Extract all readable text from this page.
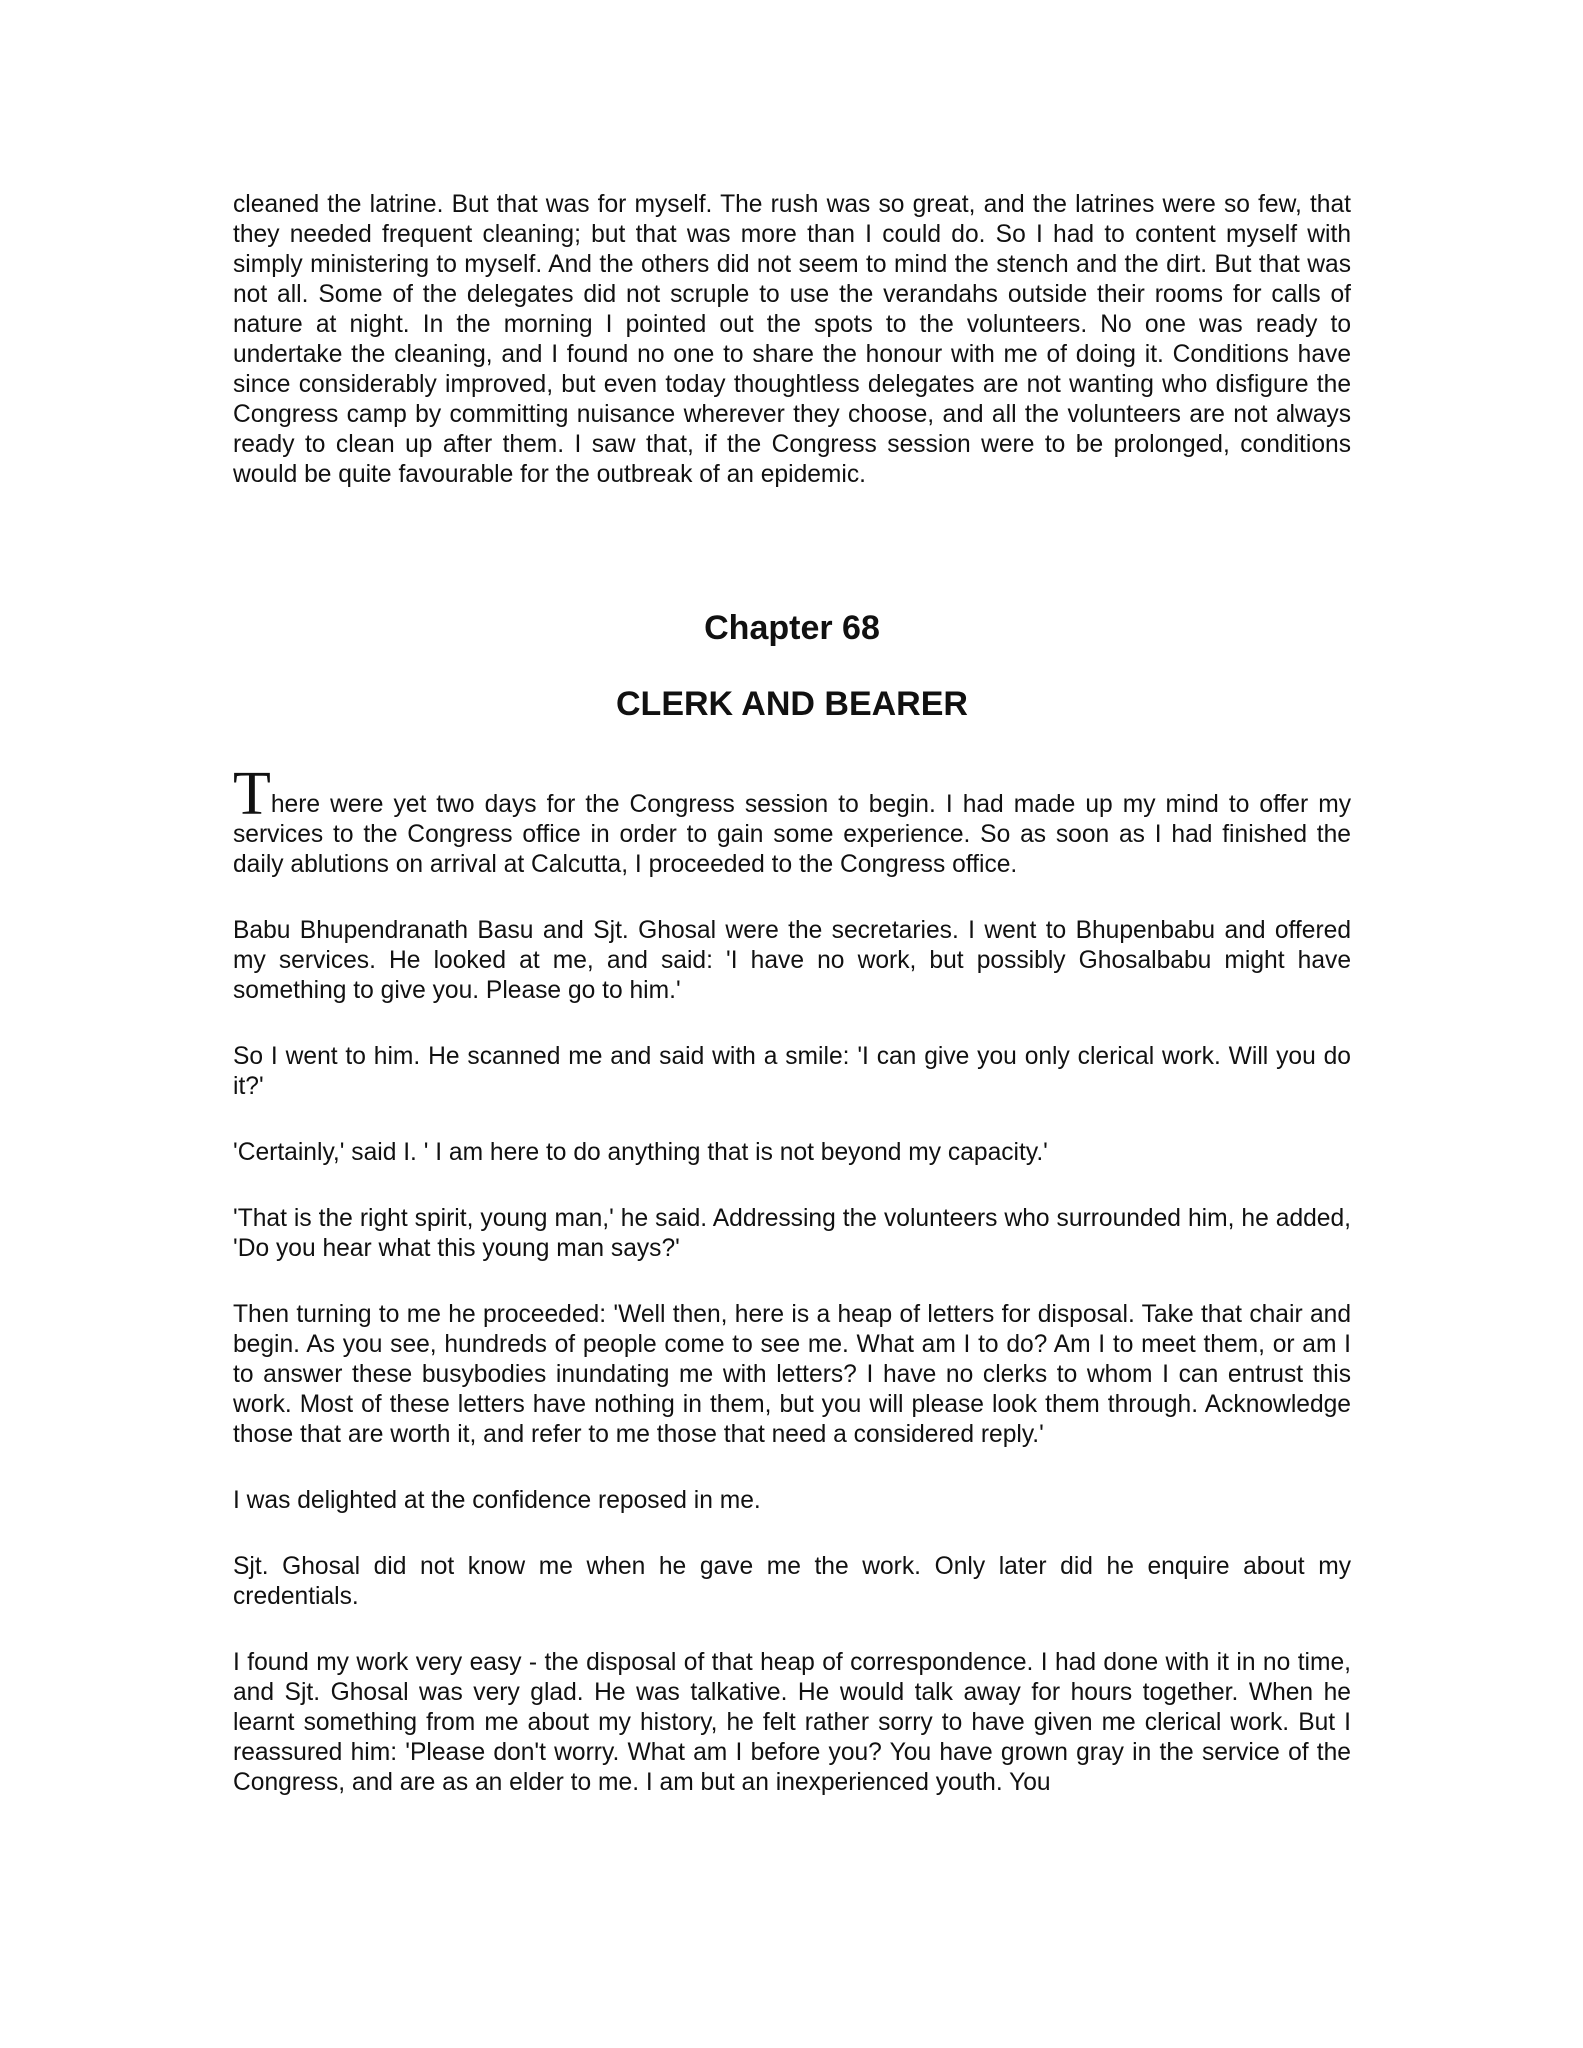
cleaned the latrine. But that was for myself. The rush was so great, and the latrines were so few, that they needed frequent cleaning; but that was more than I could do. So I had to content myself with simply ministering to myself. And the others did not seem to mind the stench and the dirt. But that was not all. Some of the delegates did not scruple to use the verandahs outside their rooms for calls of nature at night. In the morning I pointed out the spots to the volunteers. No one was ready to undertake the cleaning, and I found no one to share the honour with me of doing it. Conditions have since considerably improved, but even today thoughtless delegates are not wanting who disfigure the Congress camp by committing nuisance wherever they choose, and all the volunteers are not always ready to clean up after them. I saw that, if the Congress session were to be prolonged, conditions would be quite favourable for the outbreak of an epidemic.

Chapter 68
CLERK AND BEARER

There were yet two days for the Congress session to begin. I had made up my mind to offer my services to the Congress office in order to gain some experience. So as soon as I had finished the daily ablutions on arrival at Calcutta, I proceeded to the Congress office.

Babu Bhupendranath Basu and Sjt. Ghosal were the secretaries. I went to Bhupenbabu and offered my services. He looked at me, and said: 'I have no work, but possibly Ghosalbabu might have something to give you. Please go to him.'

So I went to him. He scanned me and said with a smile: 'I can give you only clerical work. Will you do it?'

'Certainly,' said I. ' I am here to do anything that is not beyond my capacity.'

'That is the right spirit, young man,' he said. Addressing the volunteers who surrounded him, he added, 'Do you hear what this young man says?'

Then turning to me he proceeded: 'Well then, here is a heap of letters for disposal. Take that chair and begin. As you see, hundreds of people come to see me. What am I to do? Am I to meet them, or am I to answer these busybodies inundating me with letters? I have no clerks to whom I can entrust this work. Most of these letters have nothing in them, but you will please look them through. Acknowledge those that are worth it, and refer to me those that need a considered reply.'

I was delighted at the confidence reposed in me.

Sjt. Ghosal did not know me when he gave me the work. Only later did he enquire about my credentials.

I found my work very easy - the disposal of that heap of correspondence. I had done with it in no time, and Sjt. Ghosal was very glad. He was talkative. He would talk away for hours together. When he learnt something from me about my history, he felt rather sorry to have given me clerical work. But I reassured him: 'Please don't worry. What am I before you? You have grown gray in the service of the Congress, and are as an elder to me. I am but an inexperienced youth. You
